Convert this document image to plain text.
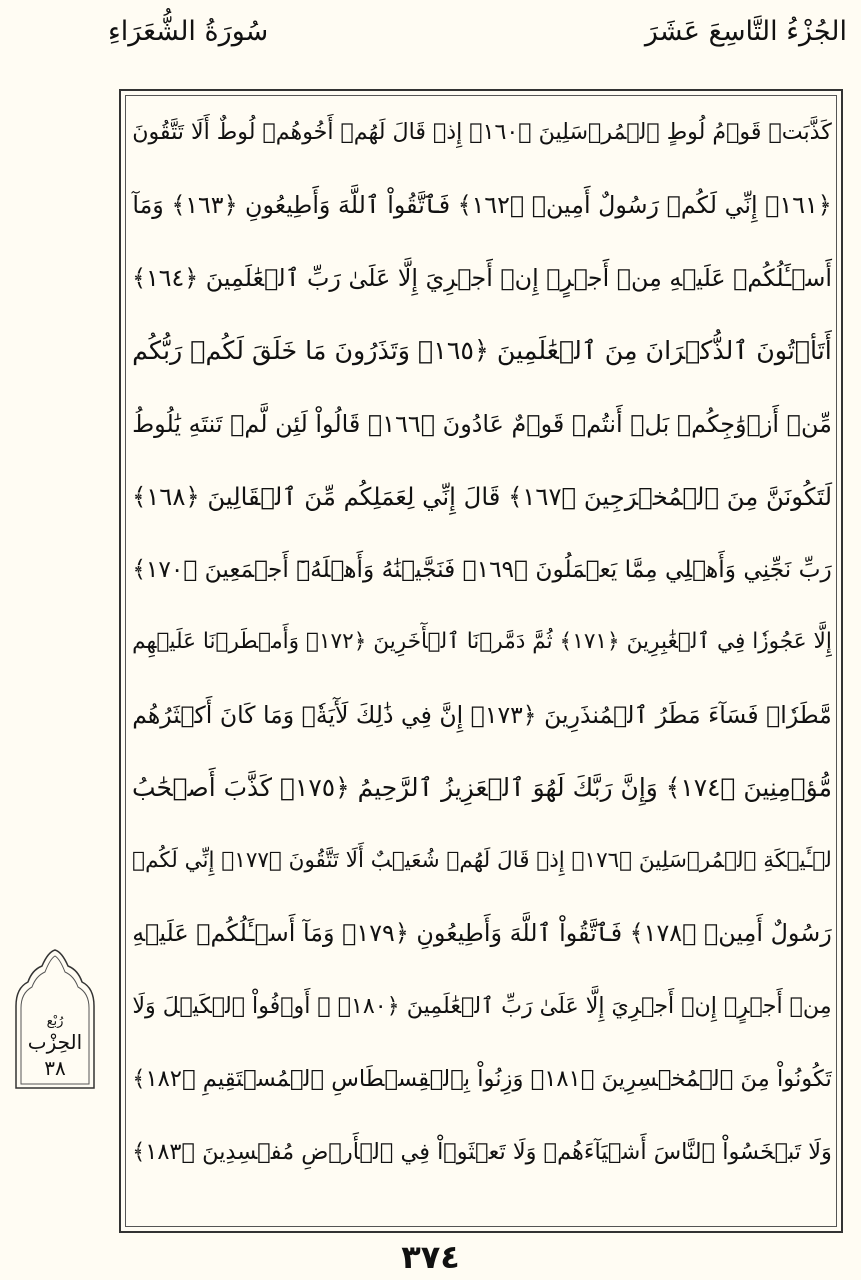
الجُزْءُ التَّاسِعَ عَشَرَ
سُورَةُ الشُّعَرَاءِ
كَذَّبَتۡ قَوۡمُ لُوطٍ ٱلۡمُرۡسَلِينَ ﴿١٦٠﴾ إِذۡ قَالَ لَهُمۡ أَخُوهُمۡ لُوطٌ أَلَا تَتَّقُونَ
﴿١٦١﴾ إِنِّي لَكُمۡ رَسُولٌ أَمِينٞ ﴿١٦٢﴾ فَٱتَّقُواْ ٱللَّهَ وَأَطِيعُونِ ﴿١٦٣﴾ وَمَآ
أَسۡـَٔلُكُمۡ عَلَيۡهِ مِنۡ أَجۡرٍۖ إِنۡ أَجۡرِيَ إِلَّا عَلَىٰ رَبِّ ٱلۡعَٰلَمِينَ ﴿١٦٤﴾
أَتَأۡتُونَ ٱلذُّكۡرَانَ مِنَ ٱلۡعَٰلَمِينَ ﴿١٦٥﴾ وَتَذَرُونَ مَا خَلَقَ لَكُمۡ رَبُّكُم
مِّنۡ أَزۡوَٰجِكُمۚ بَلۡ أَنتُمۡ قَوۡمٌ عَادُونَ ﴿١٦٦﴾ قَالُواْ لَئِن لَّمۡ تَنتَهِ يَٰلُوطُ
لَتَكُونَنَّ مِنَ ٱلۡمُخۡرَجِينَ ﴿١٦٧﴾ قَالَ إِنِّي لِعَمَلِكُم مِّنَ ٱلۡقَالِينَ ﴿١٦٨﴾
رَبِّ نَجِّنِي وَأَهۡلِي مِمَّا يَعۡمَلُونَ ﴿١٦٩﴾ فَنَجَّيۡنَٰهُ وَأَهۡلَهُۥٓ أَجۡمَعِينَ ﴿١٧٠﴾
إِلَّا عَجُوزٗا فِي ٱلۡغَٰبِرِينَ ﴿١٧١﴾ ثُمَّ دَمَّرۡنَا ٱلۡأٓخَرِينَ ﴿١٧٢﴾ وَأَمۡطَرۡنَا عَلَيۡهِم
مَّطَرٗاۖ فَسَآءَ مَطَرُ ٱلۡمُنذَرِينَ ﴿١٧٣﴾ إِنَّ فِي ذَٰلِكَ لَأٓيَةٗۖ وَمَا كَانَ أَكۡثَرُهُم
مُّؤۡمِنِينَ ﴿١٧٤﴾ وَإِنَّ رَبَّكَ لَهُوَ ٱلۡعَزِيزُ ٱلرَّحِيمُ ﴿١٧٥﴾ كَذَّبَ أَصۡحَٰبُ
لۡـَٔيۡكَةِ ٱلۡمُرۡسَلِينَ ﴿١٧٦﴾ إِذۡ قَالَ لَهُمۡ شُعَيۡبٌ أَلَا تَتَّقُونَ ﴿١٧٧﴾ إِنِّي لَكُمۡ
رَسُولٌ أَمِينٞ ﴿١٧٨﴾ فَٱتَّقُواْ ٱللَّهَ وَأَطِيعُونِ ﴿١٧٩﴾ وَمَآ أَسۡـَٔلُكُمۡ عَلَيۡهِ
مِنۡ أَجۡرٍۖ إِنۡ أَجۡرِيَ إِلَّا عَلَىٰ رَبِّ ٱلۡعَٰلَمِينَ ﴿١٨٠﴾ ۞ أَوۡفُواْ ٱلۡكَيۡلَ وَلَا
تَكُونُواْ مِنَ ٱلۡمُخۡسِرِينَ ﴿١٨١﴾ وَزِنُواْ بِٱلۡقِسۡطَاسِ ٱلۡمُسۡتَقِيمِ ﴿١٨٢﴾
وَلَا تَبۡخَسُواْ ٱلنَّاسَ أَشۡيَآءَهُمۡ وَلَا تَعۡثَوۡاْ فِي ٱلۡأَرۡضِ مُفۡسِدِينَ ﴿١٨٣﴾
رُبْع
الحِزْب
٣٨
٣٧٤
